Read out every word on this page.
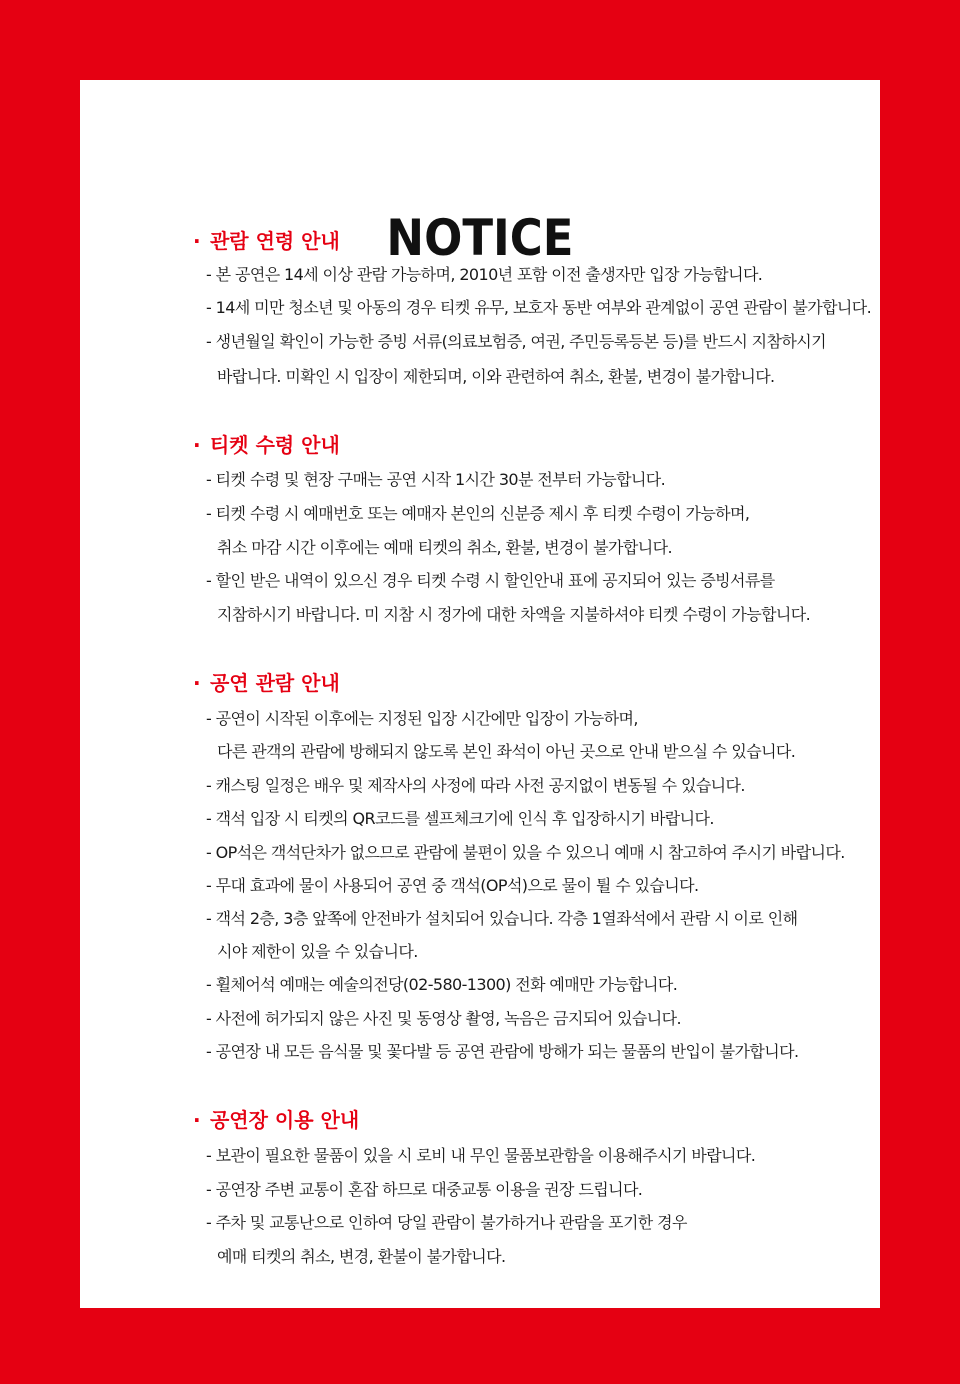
NOTICE
· 관람 연령 안내
- 본 공연은 14세 이상 관람 가능하며, 2010년 포함 이전 출생자만 입장 가능합니다.
- 14세 미만 청소년 및 아동의 경우 티켓 유무, 보호자 동반 여부와 관계없이 공연 관람이 불가합니다.
- 생년월일 확인이 가능한 증빙 서류(의료보험증, 여권, 주민등록등본 등)를 반드시 지참하시기
바랍니다. 미확인 시 입장이 제한되며, 이와 관련하여 취소, 환불, 변경이 불가합니다.
· 티켓 수령 안내
- 티켓 수령 및 현장 구매는 공연 시작 1시간 30분 전부터 가능합니다.
- 티켓 수령 시 예매번호 또는 예매자 본인의 신분증 제시 후 티켓 수령이 가능하며,
취소 마감 시간 이후에는 예매 티켓의 취소, 환불, 변경이 불가합니다.
- 할인 받은 내역이 있으신 경우 티켓 수령 시 할인안내 표에 공지되어 있는 증빙서류를
지참하시기 바랍니다. 미 지참 시 정가에 대한 차액을 지불하셔야 티켓 수령이 가능합니다.
· 공연 관람 안내
- 공연이 시작된 이후에는 지정된 입장 시간에만 입장이 가능하며,
다른 관객의 관람에 방해되지 않도록 본인 좌석이 아닌 곳으로 안내 받으실 수 있습니다.
- 캐스팅 일정은 배우 및 제작사의 사정에 따라 사전 공지없이 변동될 수 있습니다.
- 객석 입장 시 티켓의 QR코드를 셀프체크기에 인식 후 입장하시기 바랍니다.
- OP석은 객석단차가 없으므로 관람에 불편이 있을 수 있으니 예매 시 참고하여 주시기 바랍니다.
- 무대 효과에 물이 사용되어 공연 중 객석(OP석)으로 물이 튈 수 있습니다.
- 객석 2층, 3층 앞쪽에 안전바가 설치되어 있습니다. 각층 1열좌석에서 관람 시 이로 인해
시야 제한이 있을 수 있습니다.
- 휠체어석 예매는 예술의전당(02-580-1300) 전화 예매만 가능합니다.
- 사전에 허가되지 않은 사진 및 동영상 촬영, 녹음은 금지되어 있습니다.
- 공연장 내 모든 음식물 및 꽃다발 등 공연 관람에 방해가 되는 물품의 반입이 불가합니다.
· 공연장 이용 안내
- 보관이 필요한 물품이 있을 시 로비 내 무인 물품보관함을 이용해주시기 바랍니다.
- 공연장 주변 교통이 혼잡 하므로 대중교통 이용을 권장 드립니다.
- 주차 및 교통난으로 인하여 당일 관람이 불가하거나 관람을 포기한 경우
예매 티켓의 취소, 변경, 환불이 불가합니다.
